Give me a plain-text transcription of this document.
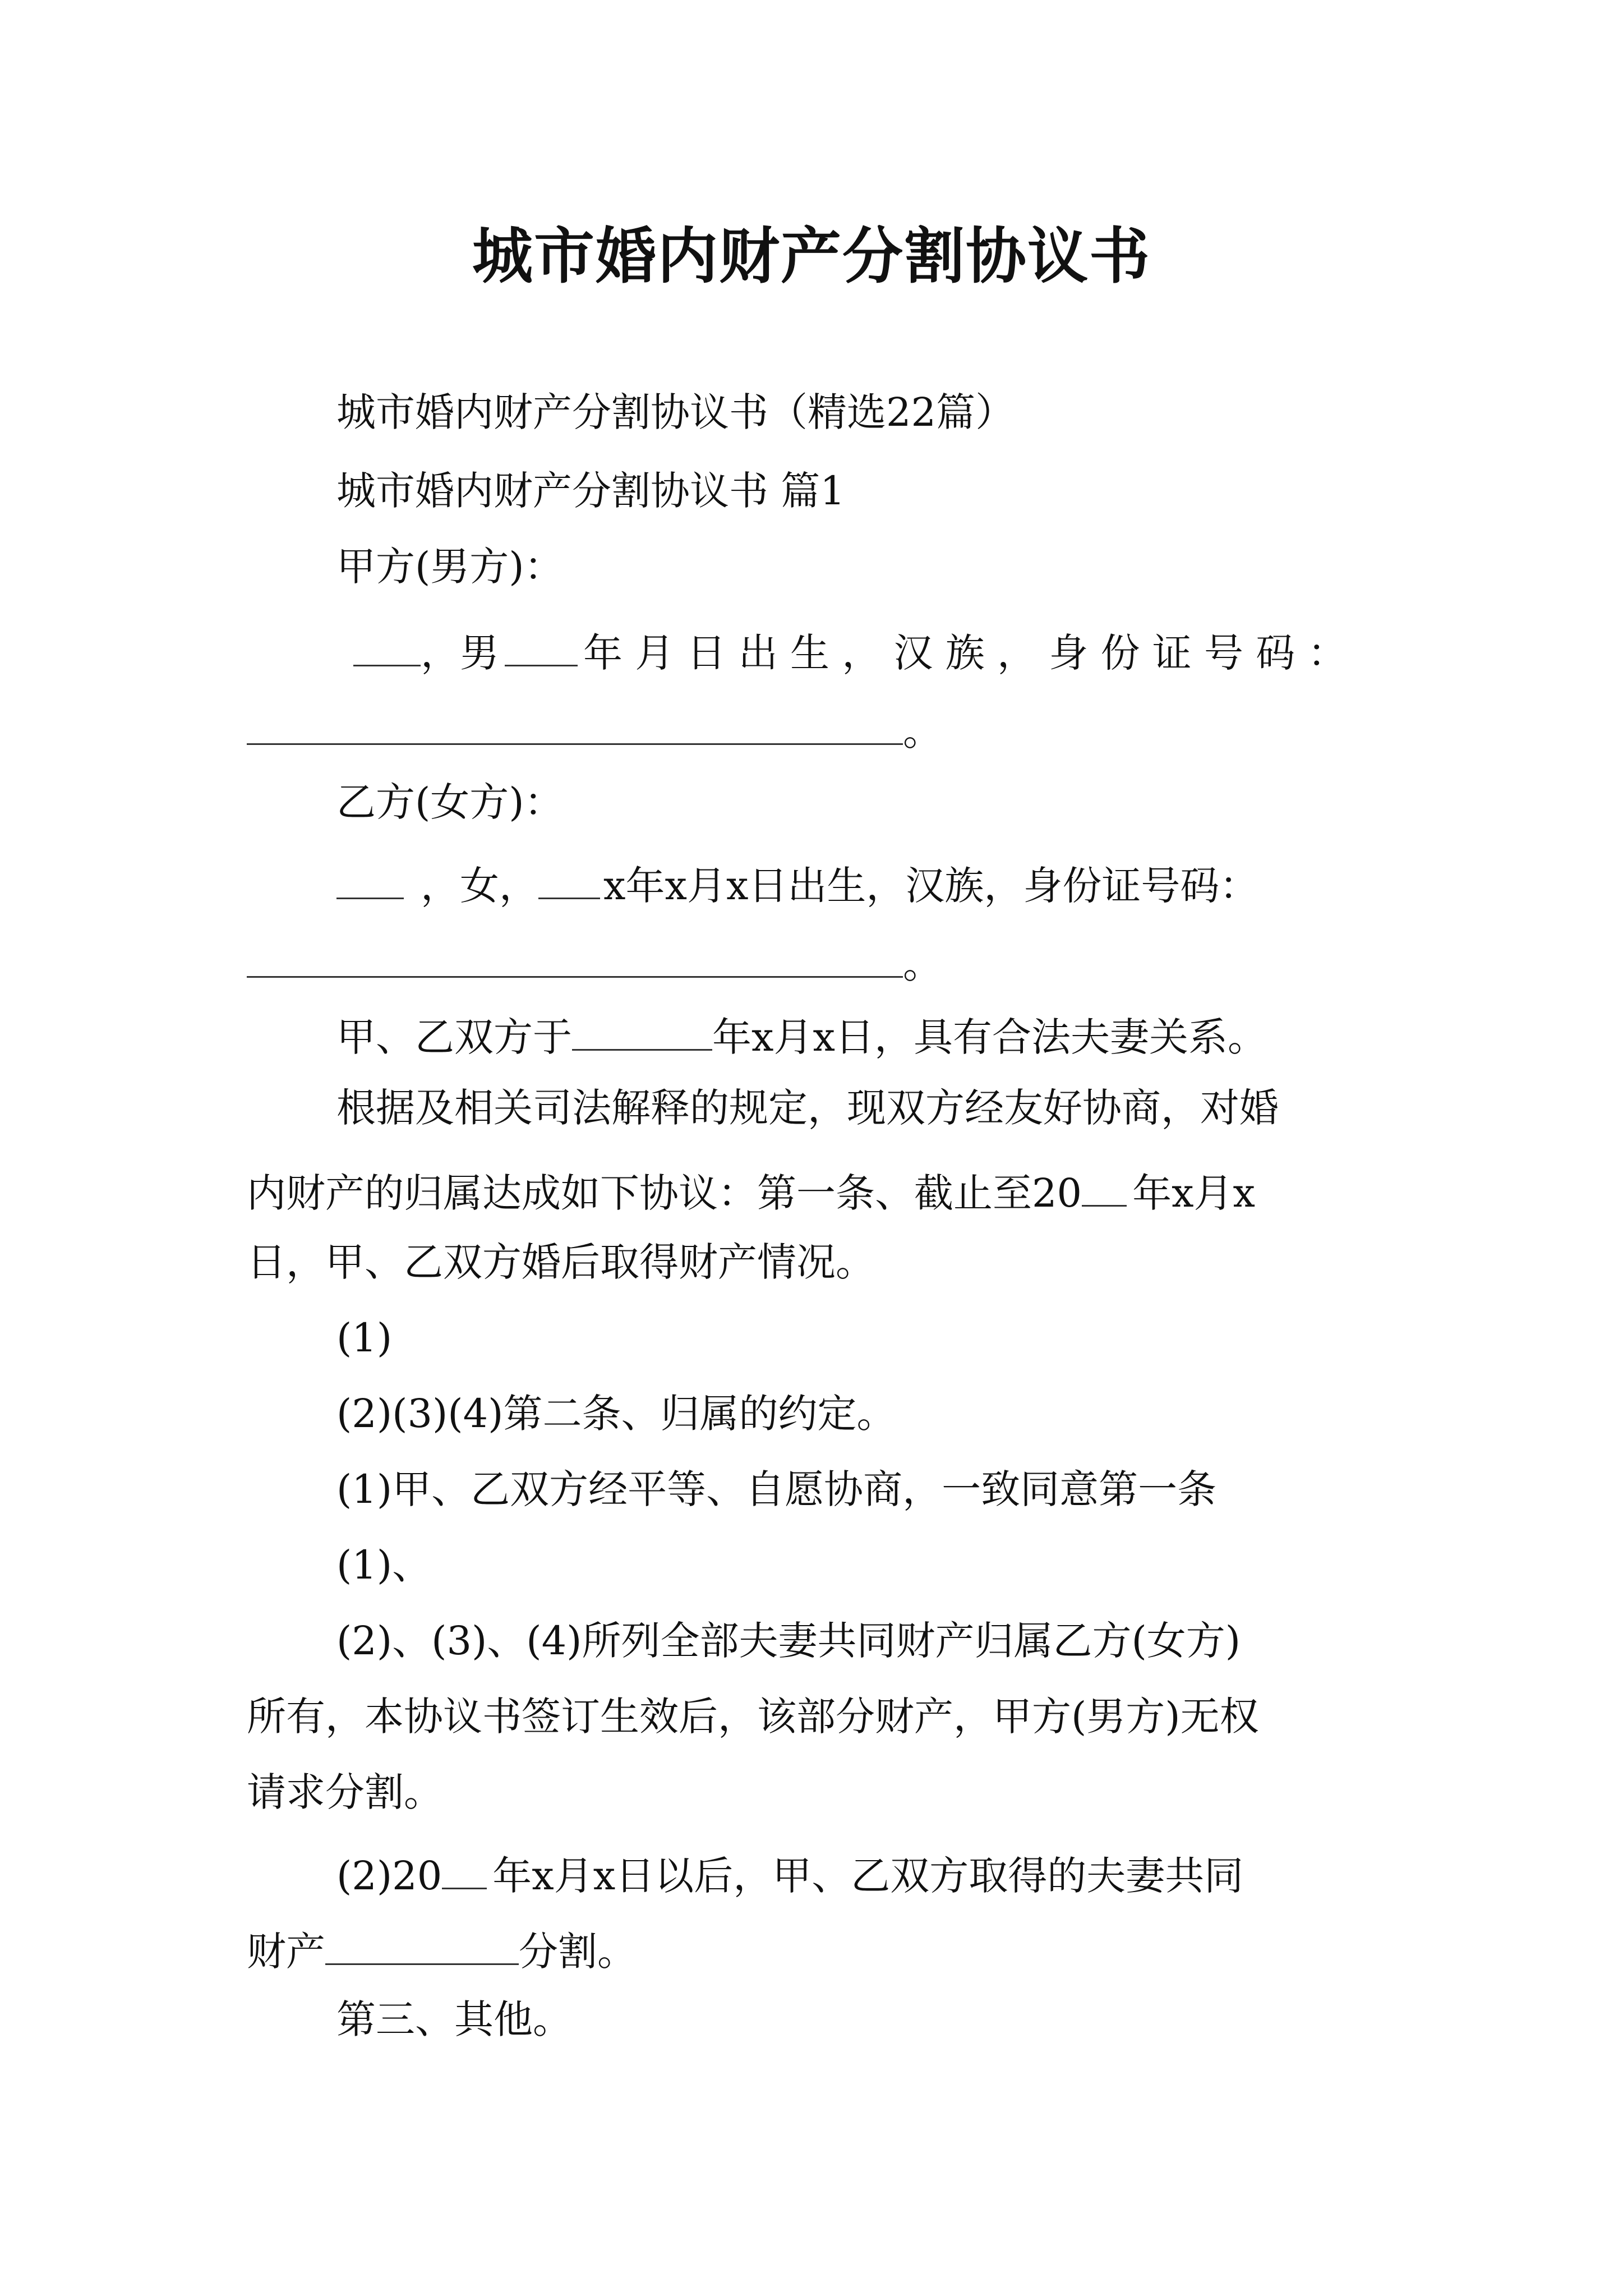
城市婚内财产分割协议书
城市婚内财产分割协议书（精选22篇）
城市婚内财产分割协议书 篇1
甲方(男方)：
，男 年 月 日 出 生 ， 汉 族 ， 身 份 证 号 码 ：
。
乙方(女方)：
，女， x年x月x日出生，汉族，身份证号码：
。
甲、乙双方于	年x月x日，具有合法夫妻关系。
根据及相关司法解释的规定，现双方经友好协商，对婚
内财产的归属达成如下协议：第一条、截止至20 年x月x
日，甲、乙双方婚后取得财产情况。
(1)
(2)(3)(4)第二条、归属的约定。
(1)甲、乙双方经平等、自愿协商，一致同意第一条
(1)、
(2)、(3)、(4)所列全部夫妻共同财产归属乙方(女方)
所有，本协议书签订生效后，该部分财产，甲方(男方)无权
请求分割。
(2)20 年x月x日以后，甲、乙双方取得的夫妻共同
财产	分割。
第三、其他。
